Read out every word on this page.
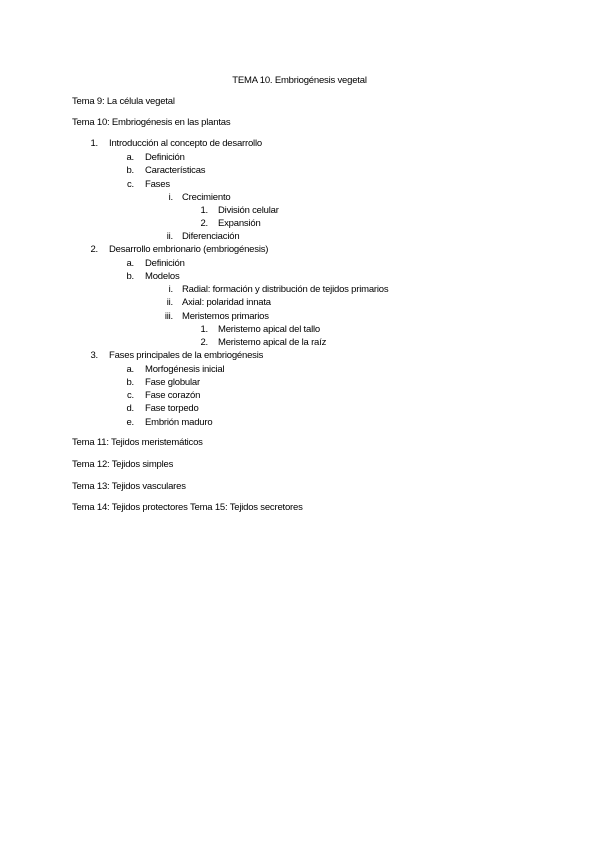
TEMA 10. Embriogénesis vegetal
Tema 9: La célula vegetal
Tema 10: Embriogénesis en las plantas
1. Introducción al concepto de desarrollo
a. Definición
b. Características
c. Fases
i. Crecimiento
1. División celular
2. Expansión
ii. Diferenciación
2. Desarrollo embrionario (embriogénesis)
a. Definición
b. Modelos
i. Radial: formación y distribución de tejidos primarios
ii. Axial: polaridad innata
iii. Meristemos primarios
1. Meristemo apical del tallo
2. Meristemo apical de la raíz
3. Fases principales de la embriogénesis
a. Morfogénesis inicial
b. Fase globular
c. Fase corazón
d. Fase torpedo
e. Embrión maduro
Tema 11: Tejidos meristemáticos
Tema 12: Tejidos simples
Tema 13: Tejidos vasculares
Tema 14: Tejidos protectores Tema 15: Tejidos secretores
